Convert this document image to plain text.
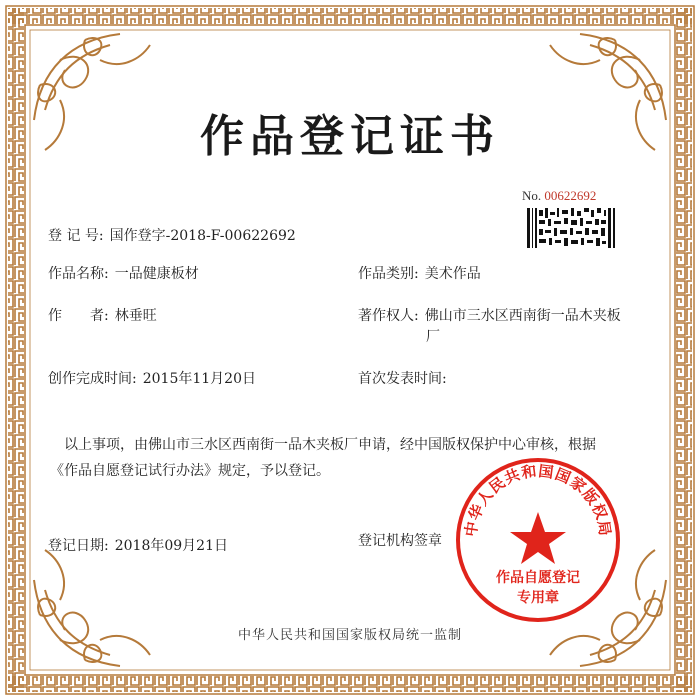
作品登记证书
No. 00622692
登 记 号: 国作登字-2018-F-00622692
作品名称: 一品健康板材	作品类别: 美术作品
作　　者: 林垂旺	著作权人: 佛山市三水区西南街一品木夹板
厂
创作完成时间: 2015年11月20日	首次发表时间:
以上事项，由佛山市三水区西南街一品木夹板厂申请，经中国版权保护中心审核，根据
《作品自愿登记试行办法》规定，予以登记。
登记日期: 2018年09月21日	登记机构签章
中华人民共和国国家版权局
作品自愿登记
专用章
中华人民共和国国家版权局统一监制
